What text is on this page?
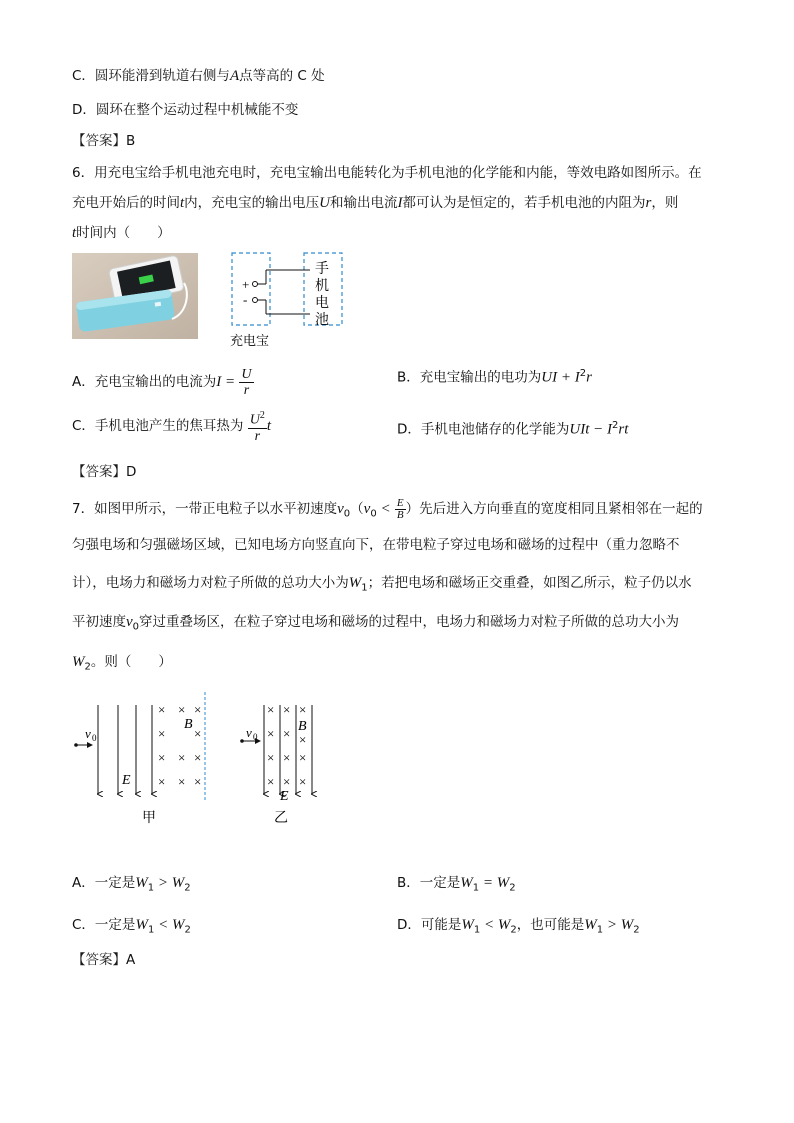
C．圆环能滑到轨道右侧与A点等高的 C 处
D．圆环在整个运动过程中机械能不变
【答案】B
6．用充电宝给手机电池充电时，充电宝输出电能转化为手机电池的化学能和内能，等效电路如图所示。在
充电开始后的时间t内，充电宝的输出电压U和输出电流I都可认为是恒定的，若手机电池的内阻为r，则
t时间内（　　）
+
-
手
机
电
池
充电宝
A．充电宝输出的电流为$I = \frac{U}{r}$	B．充电宝输出的电功为UI + $I^2r$
C．手机电池产生的焦耳热为 $\frac{U^2}{r}$ t	D．手机电池储存的化学能为UIt − $I^2rt$
【答案】D
7．如图甲所示，一带正电粒子以水平初速度$v_0(v_0 < \frac{E}{B}$ ）先后进入方向垂直的宽度相同且紧相邻在一起的
匀强电场和匀强磁场区域，已知电场方向竖直向下，在带电粒子穿过电场和磁场的过程中（重力忽略不
计），电场力和磁场力对粒子所做的总功大小为$W_1$；若把电场和磁场正交重叠，如图乙所示，粒子仍以水
平初速度$v_0$穿过重叠场区，在粒子穿过电场和磁场的过程中，电场力和磁场力对粒子所做的总功大小为
$W_2$。则（　　）
v 0
E
B
× × ×
× ×
× × ×
× × ×
甲
v 0
B
E
× × ×
× × ×
× × ×
× × ×
乙
A．一定是$W_1 > W_2$	B．一定是$W_1 = W_2$
C．一定是$W_1 < W_2$	D．可能是$W_1 < W_2$，也可能是$W_1 > W_2$
【答案】A
